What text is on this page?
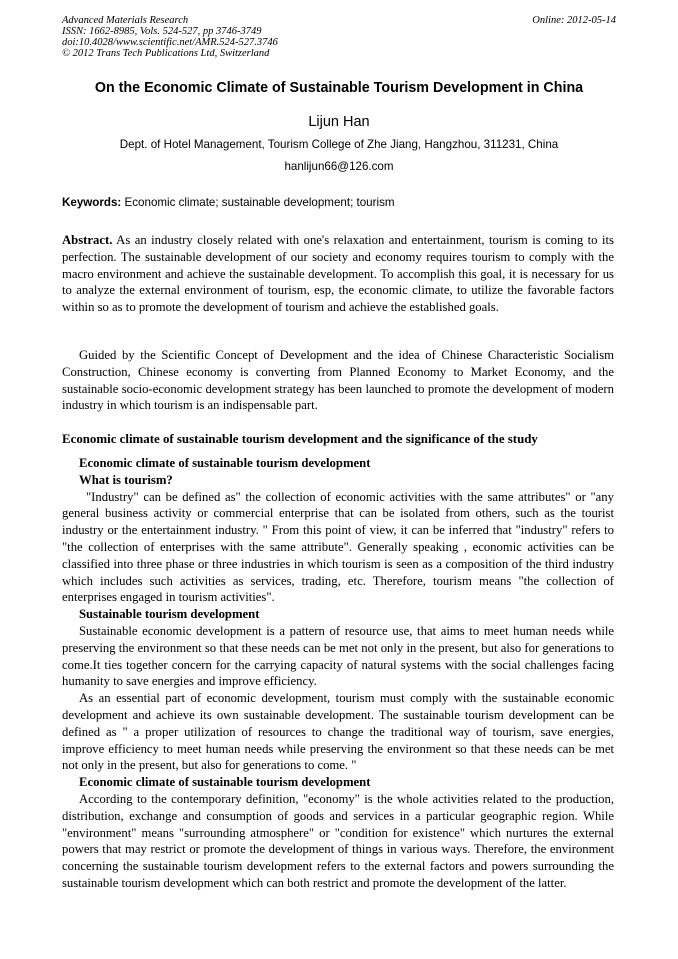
Advanced Materials Research
ISSN: 1662-8985, Vols. 524-527, pp 3746-3749
doi:10.4028/www.scientific.net/AMR.524-527.3746
© 2012 Trans Tech Publications Ltd, Switzerland
Online: 2012-05-14
On the Economic Climate of Sustainable Tourism Development in China
Lijun Han
Dept. of Hotel Management, Tourism College of Zhe Jiang, Hangzhou, 311231, China
hanlijun66@126.com
Keywords: Economic climate; sustainable development; tourism

Abstract. As an industry closely related with one's relaxation and entertainment, tourism is coming to its perfection. The sustainable development of our society and economy requires tourism to comply with the macro environment and achieve the sustainable development. To accomplish this goal, it is necessary for us to analyze the external environment of tourism, esp, the economic climate, to utilize the favorable factors within so as to promote the development of tourism and achieve the established goals.

Guided by the Scientific Concept of Development and the idea of Chinese Characteristic Socialism Construction, Chinese economy is converting from Planned Economy to Market Economy, and the sustainable socio-economic development strategy has been launched to promote the development of modern industry in which tourism is an indispensable part.

Economic climate of sustainable tourism development and the significance of the study

Economic climate of sustainable tourism development

What is tourism?

"Industry" can be defined as" the collection of economic activities with the same attributes" or "any general business activity or commercial enterprise that can be isolated from others, such as the tourist industry or the entertainment industry. " From this point of view, it can be inferred that "industry" refers to "the collection of enterprises with the same attribute". Generally speaking , economic activities can be classified into three phase or three industries in which tourism is seen as a composition of the third industry which includes such activities as services, trading, etc. Therefore, tourism means "the collection of enterprises engaged in tourism activities".

Sustainable tourism development

Sustainable economic development is a pattern of resource use, that aims to meet human needs while preserving the environment so that these needs can be met not only in the present, but also for generations to come.It ties together concern for the carrying capacity of natural systems with the social challenges facing humanity to save energies and improve efficiency.

As an essential part of economic development, tourism must comply with the sustainable economic development and achieve its own sustainable development. The sustainable tourism development can be defined as " a proper utilization of resources to change the traditional way of tourism, save energies, improve efficiency to meet human needs while preserving the environment so that these needs can be met not only in the present, but also for generations to come. "

Economic climate of sustainable tourism development

According to the contemporary definition, "economy" is the whole activities related to the production, distribution, exchange and consumption of goods and services in a particular geographic region. While "environment" means "surrounding atmosphere" or "condition for existence" which nurtures the external powers that may restrict or promote the development of things in various ways. Therefore, the environment concerning the sustainable tourism development refers to the external factors and powers surrounding the sustainable tourism development which can both restrict and promote the development of the latter.
